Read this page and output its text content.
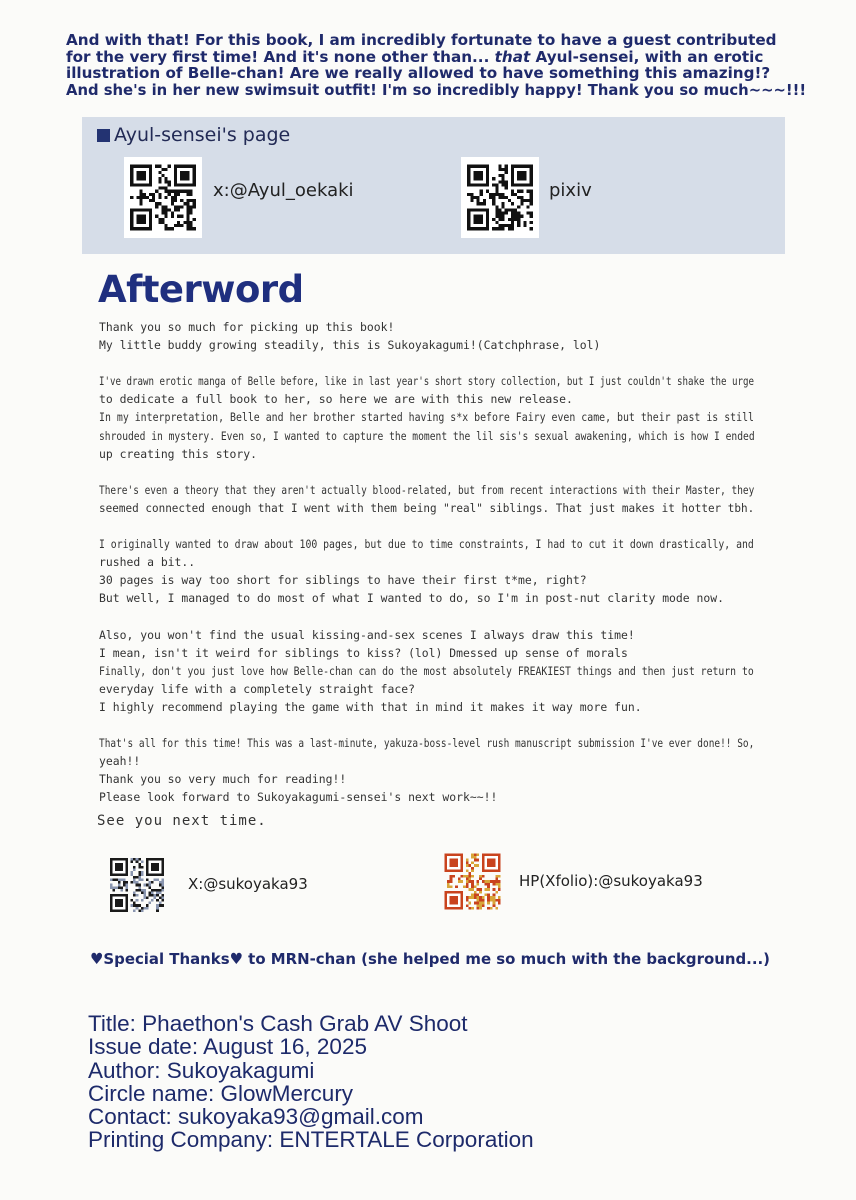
And with that! For this book, I am incredibly fortunate to have a guest contributed

for the very first time! And it's none other than... that Ayul-sensei, with an erotic

illustration of Belle-chan! Are we really allowed to have something this amazing!?

And she's in her new swimsuit outfit! I'm so incredibly happy! Thank you so much~~~!!!

Ayul-sensei's page
x:@Ayul_oekaki	pixiv
Afterword
Thank you so much for picking up this book!
My little buddy growing steadily, this is Sukoyakagumi!(Catchphrase, lol)
I've drawn erotic manga of Belle before, like in last year's short story collection, but I just couldn't shake the urge
to dedicate a full book to her, so here we are with this new release.
In my interpretation, Belle and her brother started having s*x before Fairy even came, but their past is still
shrouded in mystery. Even so, I wanted to capture the moment the lil sis's sexual awakening, which is how I ended
up creating this story.
There's even a theory that they aren't actually blood-related, but from recent interactions with their Master, they
seemed connected enough that I went with them being "real" siblings. That just makes it hotter tbh.
I originally wanted to draw about 100 pages, but due to time constraints, I had to cut it down drastically, and
rushed a bit..
30 pages is way too short for siblings to have their first t*me, right?
But well, I managed to do most of what I wanted to do, so I'm in post-nut clarity mode now.
Also, you won't find the usual kissing-and-sex scenes I always draw this time!
I mean, isn't it weird for siblings to kiss? (lol) Dmessed up sense of morals
Finally, don't you just love how Belle-chan can do the most absolutely FREAKIEST things and then just return to
everyday life with a completely straight face?
I highly recommend playing the game with that in mind it makes it way more fun.
That's all for this time! This was a last-minute, yakuza-boss-level rush manuscript submission I've ever done!! So,
yeah!!
Thank you so very much for reading!!
Please look forward to Sukoyakagumi-sensei's next work~~!!
See you next time.
X:@sukoyaka93	HP(Xfolio):@sukoyaka93
♥Special Thanks♥ to MRN-chan (she helped me so much with the background...)
Title: Phaethon's Cash Grab AV Shoot
Issue date: August 16, 2025
Author: Sukoyakagumi
Circle name: GlowMercury
Contact: sukoyaka93@gmail.com
Printing Company: ENTERTALE Corporation
